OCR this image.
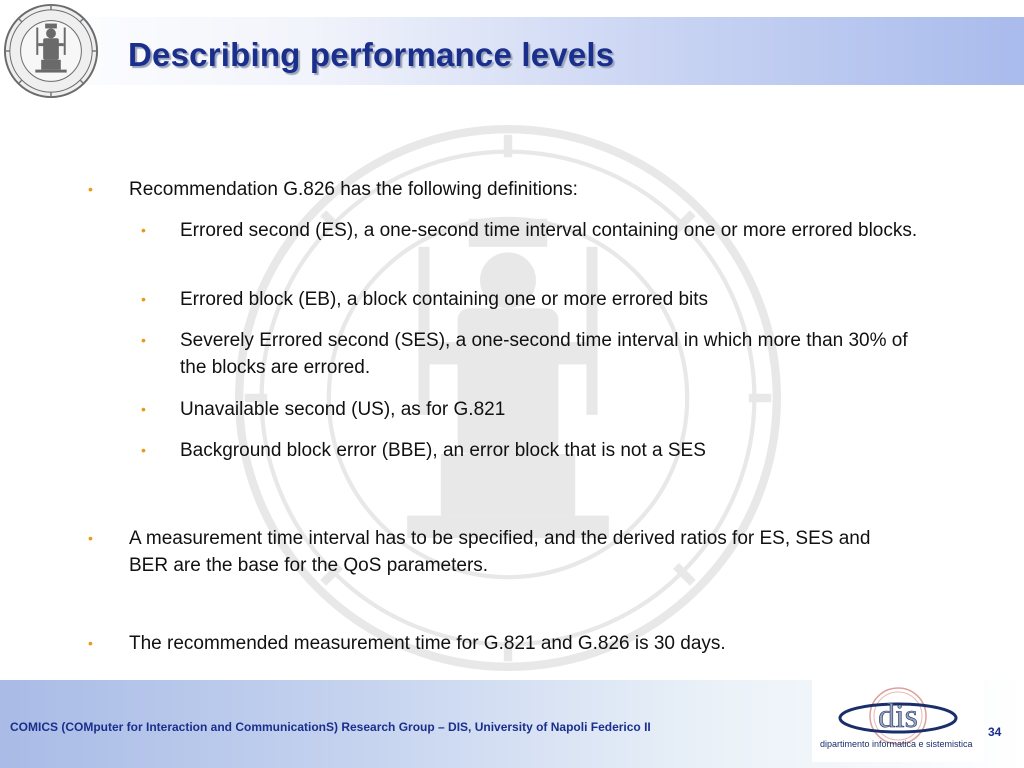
Describing performance levels
• Recommendation G.826 has the following definitions:
• Errored second (ES), a one-second time interval containing one or more errored blocks.
• Errored block (EB), a block containing one or more errored bits
• Severely Errored second (SES), a one-second time interval in which more than 30% of the blocks are errored.
• Unavailable second (US), as for G.821
• Background block error (BBE), an error block that is not a SES
• A measurement time interval has to be specified, and the derived ratios for ES, SES and BER are the base for the QoS parameters.
• The recommended measurement time for G.821 and G.826 is 30 days.
COMICS (COMputer for Interaction and CommunicationS) Research Group – DIS, University of Napoli Federico II	dis
dipartimento informatica e sistemistica
34
